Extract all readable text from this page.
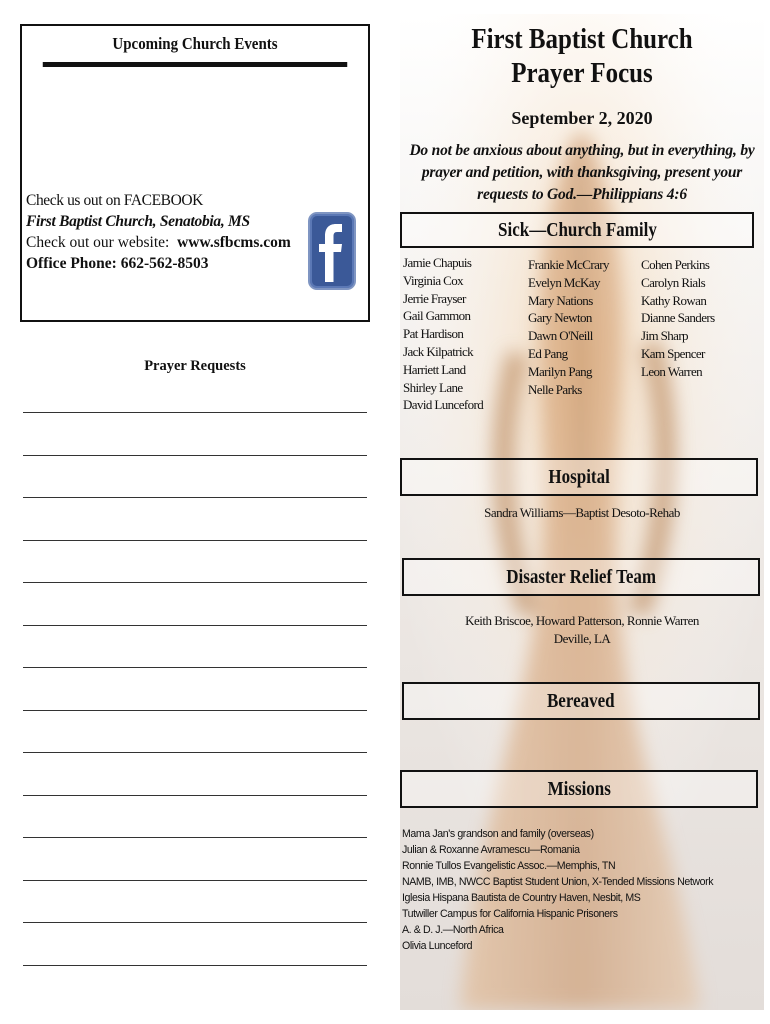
Upcoming Church Events
Check us out on FACEBOOK
First Baptist Church, Senatobia, MS
Check out our website: www.sfbcms.com
Office Phone: 662-562-8503
Prayer Requests
First Baptist Church
Prayer Focus
September 2, 2020
Do not be anxious about anything, but in everything, by prayer and petition, with thanksgiving, present your requests to God.—Philippians 4:6
Sick—Church Family
Jamie Chapuis
Virginia Cox
Jerrie Frayser
Gail Gammon
Pat Hardison
Jack Kilpatrick
Harriett Land
Shirley Lane
David Lunceford
Frankie McCrary
Evelyn McKay
Mary Nations
Gary Newton
Dawn O'Neill
Ed Pang
Marilyn Pang
Nelle Parks
Cohen Perkins
Carolyn Rials
Kathy Rowan
Dianne Sanders
Jim Sharp
Kam Spencer
Leon Warren
Hospital
Sandra Williams—Baptist Desoto-Rehab
Disaster Relief Team
Keith Briscoe, Howard Patterson, Ronnie Warren
Deville, LA
Bereaved
Missions
Mama Jan's grandson and family (overseas)
Julian & Roxanne Avramescu—Romania
Ronnie Tullos Evangelistic Assoc.—Memphis, TN
NAMB, IMB, NWCC Baptist Student Union, X-Tended Missions Network
Iglesia Hispana Bautista de Country Haven, Nesbit, MS
Tutwiller Campus for California Hispanic Prisoners
A. & D. J.—North Africa
Olivia Lunceford
